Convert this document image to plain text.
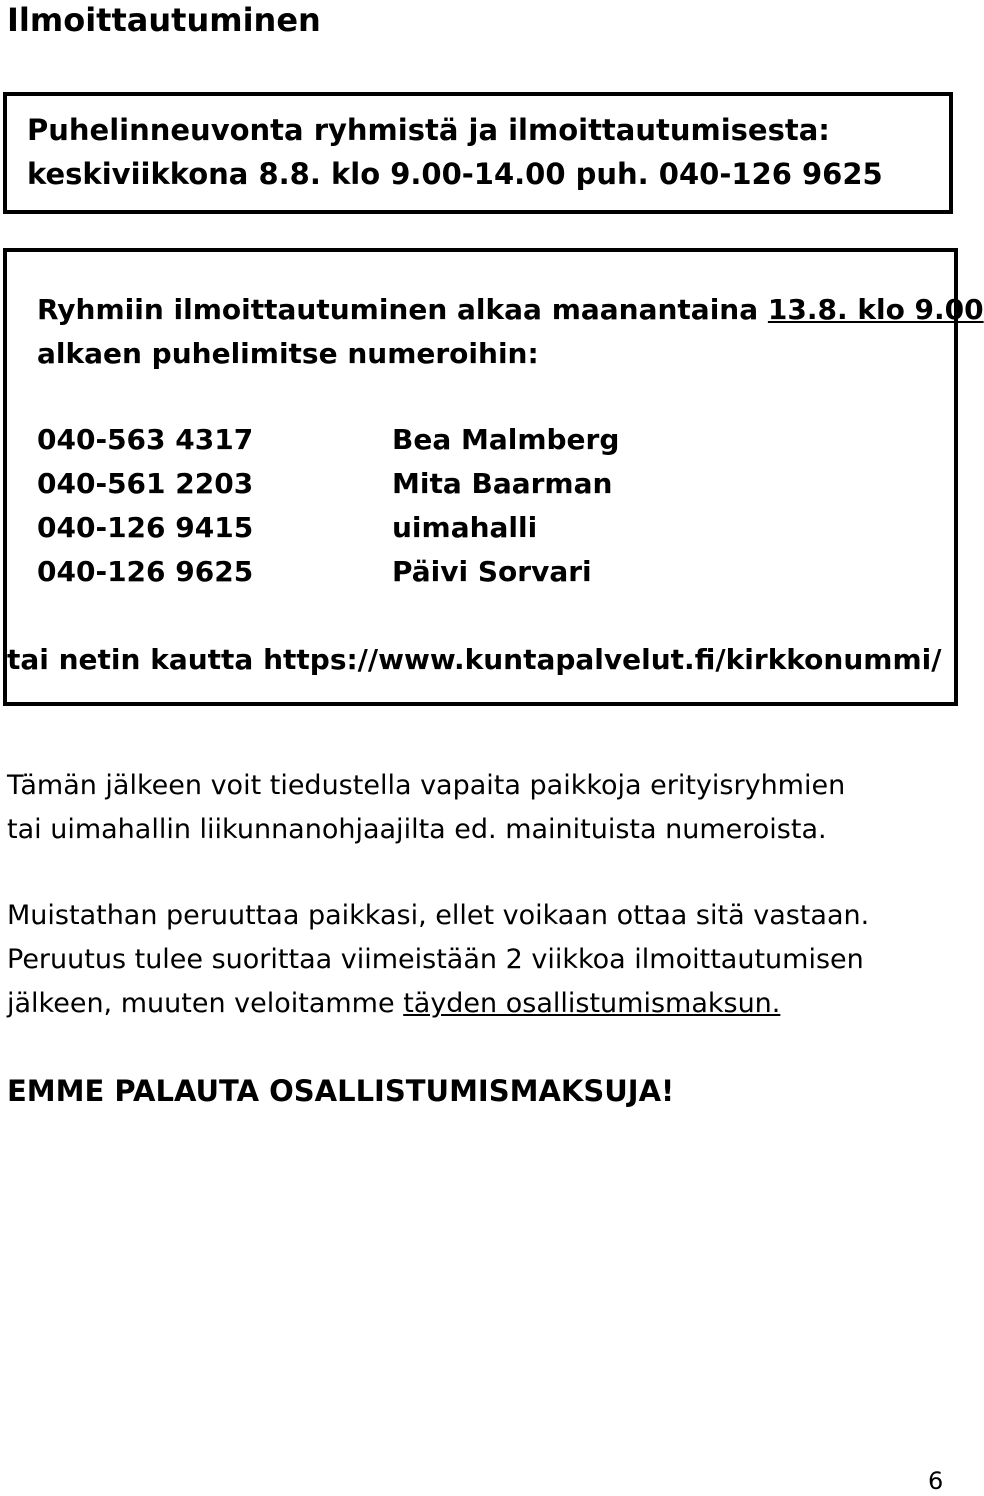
Ilmoittautuminen
Puhelinneuvonta ryhmistä ja ilmoittautumisesta:
keskiviikkona 8.8. klo 9.00-14.00 puh. 040-126 9625
Ryhmiin ilmoittautuminen alkaa maanantaina 13.8. klo 9.00
alkaen puhelimitse numeroihin:
040-563 4317	Bea Malmberg
040-561 2203	Mita Baarman
040-126 9415	uimahalli
040-126 9625	Päivi Sorvari
tai netin kautta https://www.kuntapalvelut.fi/kirkkonummi/
Tämän jälkeen voit tiedustella vapaita paikkoja erityisryhmien
tai uimahallin liikunnanohjaajilta ed. mainituista numeroista.
Muistathan peruuttaa paikkasi, ellet voikaan ottaa sitä vastaan.
Peruutus tulee suorittaa viimeistään 2 viikkoa ilmoittautumisen
jälkeen, muuten veloitamme täyden osallistumismaksun.
EMME PALAUTA OSALLISTUMISMAKSUJA!
6
